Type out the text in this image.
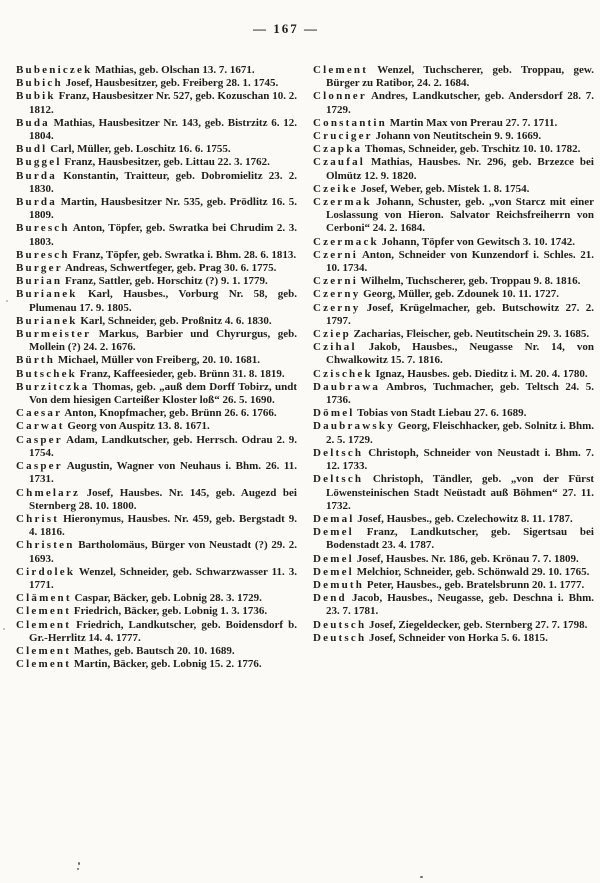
— 167 —

Bubeniczek Mathias, geb. Olschan 13. 7. 1671.

Bubich Josef, Hausbesitzer, geb. Freiberg 28. 1. 1745.

Bubik Franz, Hausbesitzer Nr. 527, geb. Kozuschan 10. 2. 1812.

Buda Mathias, Hausbesitzer Nr. 143, geb. Bistrzitz 6. 12. 1804.

Budl Carl, Müller, geb. Loschitz 16. 6. 1755.

Buggel Franz, Hausbesitzer, geb. Littau 22. 3. 1762.

Burda Konstantin, Traitteur, geb. Dobromielitz 23. 2. 1830.

Burda Martin, Hausbesitzer Nr. 535, geb. Prödlitz 16. 5. 1809.

Buresch Anton, Töpfer, geb. Swratka bei Chrudim 2. 3. 1803.

Buresch Franz, Töpfer, geb. Swratka i. Bhm. 28. 6. 1813.

Burger Andreas, Schwertfeger, geb. Prag 30. 6. 1775.

Burian Franz, Sattler, geb. Horschitz (?) 9. 1. 1779.

Burianek Karl, Hausbes., Vorburg Nr. 58, geb. Plumenau 17. 9. 1805.

Burianek Karl, Schneider, geb. Proßnitz 4. 6. 1830.

Burmeister Markus, Barbier und Chyrurgus, geb. Mollein (?) 24. 2. 1676.

Bürth Michael, Müller von Freiberg, 20. 10. 1681.

Butschek Franz, Kaffeesieder, geb. Brünn 31. 8. 1819.

Burzitczka Thomas, geb. „auß dem Dorff Tobirz, undt Von dem hiesigen Carteißer Kloster loß“ 26. 5. 1690.

Caesar Anton, Knopfmacher, geb. Brünn 26. 6. 1766.

Carwat Georg von Auspitz 13. 8. 1671.

Casper Adam, Landkutscher, geb. Herrsch. Odrau 2. 9. 1754.

Casper Augustin, Wagner von Neuhaus i. Bhm. 26. 11. 1731.

Chmelarz Josef, Hausbes. Nr. 145, geb. Augezd bei Sternberg 28. 10. 1800.

Christ Hieronymus, Hausbes. Nr. 459, geb. Bergstadt 9. 4. 1816.

Christen Bartholomäus, Bürger von Neustadt (?) 29. 2. 1693.

Cirdolek Wenzel, Schneider, geb. Schwarzwasser 11. 3. 1771.

Cläment Caspar, Bäcker, geb. Lobnig 28. 3. 1729.

Clement Friedrich, Bäcker, geb. Lobnig 1. 3. 1736.

Clement Friedrich, Landkutscher, geb. Boidensdorf b. Gr.-Herrlitz 14. 4. 1777.

Clement Mathes, geb. Bautsch 20. 10. 1689.

Clement Martin, Bäcker, geb. Lobnig 15. 2. 1776.

Clement Wenzel, Tuchscherer, geb. Troppau, gew. Bürger zu Ratibor, 24. 2. 1684.

Clonner Andres, Landkutscher, geb. Andersdorf 28. 7. 1729.

Constantin Martin Max von Prerau 27. 7. 1711.

Cruciger Johann von Neutitschein 9. 9. 1669.

Czapka Thomas, Schneider, geb. Trschitz 10. 10. 1782.

Czaufal Mathias, Hausbes. Nr. 296, geb. Brzezce bei Olmütz 12. 9. 1820.

Czeike Josef, Weber, geb. Mistek 1. 8. 1754.

Czermak Johann, Schuster, geb. „von Starcz mit einer Loslassung von Hieron. Salvator Reichsfreiherrn von Cerboni“ 24. 2. 1684.

Czermack Johann, Töpfer von Gewitsch 3. 10. 1742.

Czerni Anton, Schneider von Kunzendorf i. Schles. 21. 10. 1734.

Czerni Wilhelm, Tuchscherer, geb. Troppau 9. 8. 1816.

Czerny Georg, Müller, geb. Zdounek 10. 11. 1727.

Czerny Josef, Krügelmacher, geb. Butschowitz 27. 2. 1797.

Cziep Zacharias, Fleischer, geb. Neutitschein 29. 3. 1685.

Czihal Jakob, Hausbes., Neugasse Nr. 14, von Chwalkowitz 15. 7. 1816.

Czischek Ignaz, Hausbes. geb. Dieditz i. M. 20. 4. 1780.

Daubrawa Ambros, Tuchmacher, geb. Teltsch 24. 5. 1736.

Dömel Tobias von Stadt Liebau 27. 6. 1689.

Daubrawsky Georg, Fleischhacker, geb. Solnitz i. Bhm. 2. 5. 1729.

Deltsch Christoph, Schneider von Neustadt i. Bhm. 7. 12. 1733.

Deltsch Christoph, Tändler, geb. „von der Fürst Löwensteinischen Stadt Neüstadt auß Böhmen“ 27. 11. 1732.

Demal Josef, Hausbes., geb. Czelechowitz 8. 11. 1787.

Demel Franz, Landkutscher, geb. Sigertsau bei Bodenstadt 23. 4. 1787.

Demel Josef, Hausbes. Nr. 186, geb. Krönau 7. 7. 1809.

Demel Melchior, Schneider, geb. Schönwald 29. 10. 1765.

Demuth Peter, Hausbes., geb. Bratelsbrunn 20. 1. 1777.

Dend Jacob, Hausbes., Neugasse, geb. Deschna i. Bhm. 23. 7. 1781.

Deutsch Josef, Ziegeldecker, geb. Sternberg 27. 7. 1798.

Deutsch Josef, Schneider von Horka 5. 6. 1815.
